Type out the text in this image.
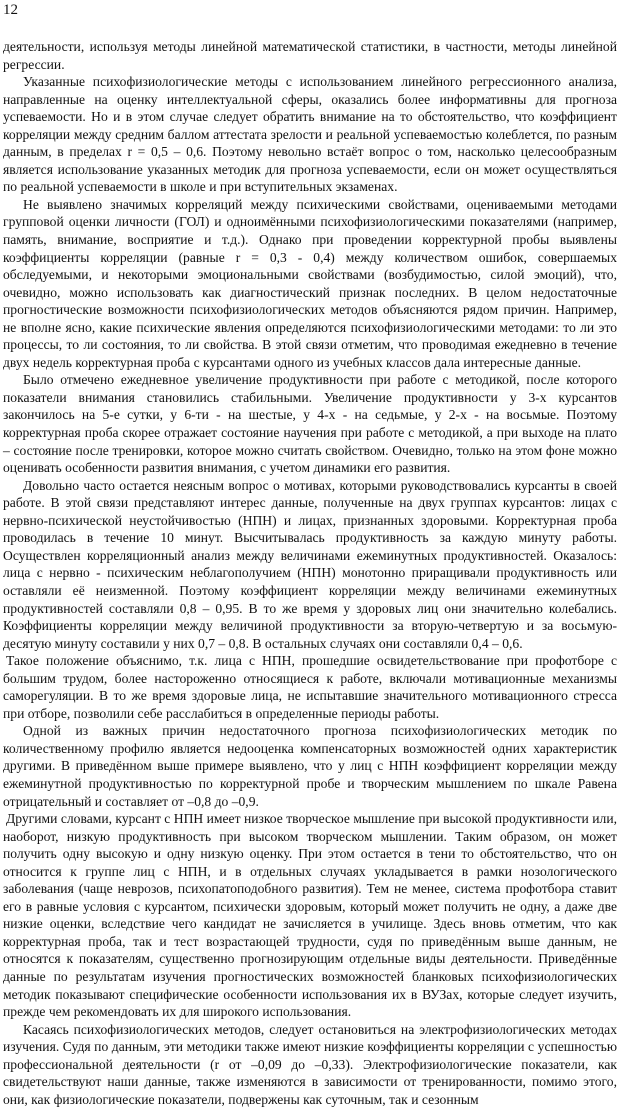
12

деятельности, используя методы линейной математической статистики, в частности, методы линейной регрессии.

Указанные психофизиологические методы с использованием линейного регрессионного анализа, направленные на оценку интеллектуальной сферы, оказались более информативны для прогноза успеваемости. Но и в этом случае следует обратить внимание на то обстоятельство, что коэффициент корреляции между средним баллом аттестата зрелости и реальной успеваемостью колеблется, по разным данным, в пределах r = 0,5 – 0,6. Поэтому невольно встаёт вопрос о том, насколько целесообразным является использование указанных методик для прогноза успеваемости, если он может осуществляться по реальной успеваемости в школе и при вступительных экзаменах.

Не выявлено значимых корреляций между психическими свойствами, оцениваемыми методами групповой оценки личности (ГОЛ) и одноимёнными психофизиологическими показателями (например, память, внимание, восприятие и т.д.). Однако при проведении корректурной пробы выявлены коэффициенты корреляции (равные r = 0,3 - 0,4) между количеством ошибок, совершаемых обследуемыми, и некоторыми эмоциональными свойствами (возбудимостью, силой эмоций), что, очевидно, можно использовать как диагностический признак последних. В целом недостаточные прогностические возможности психофизиологических методов объясняются рядом причин. Например, не вполне ясно, какие психические явления определяются психофизиологическими методами: то ли это процессы, то ли состояния, то ли свойства. В этой связи отметим, что проводимая ежедневно в течение двух недель корректурная проба с курсантами одного из учебных классов дала интересные данные.

Было отмечено ежедневное увеличение продуктивности при работе с методикой, после которого показатели внимания становились стабильными. Увеличение продуктивности у 3-х курсантов закончилось на 5-е сутки, у 6-ти - на шестые, у 4-х - на седьмые, у 2-х - на восьмые. Поэтому корректурная проба скорее отражает состояние научения при работе с методикой, а при выходе на плато – состояние после тренировки, которое можно считать свойством. Очевидно, только на этом фоне можно оценивать особенности развития внимания, с учетом динамики его развития.

Довольно часто остается неясным вопрос о мотивах, которыми руководствовались курсанты в своей работе. В этой связи представляют интерес данные, полученные на двух группах курсантов: лицах с нервно-психической неустойчивостью (НПН) и лицах, признанных здоровыми. Корректурная проба проводилась в течение 10 минут. Высчитывалась продуктивность за каждую минуту работы. Осуществлен корреляционный анализ между величинами ежеминутных продуктивностей. Оказалось: лица с нервно - психическим неблагополучием (НПН) монотонно приращивали продуктивность или оставляли её неизменной. Поэтому коэффициент корреляции между величинами ежеминутных продуктивностей составляли 0,8 – 0,95. В то же время у здоровых лиц они значительно колебались. Коэффициенты корреляции между величиной продуктивности за вторую-четвертую и за восьмую-десятую минуту составили у них 0,7 – 0,8. В остальных случаях они составляли 0,4 – 0,6.

Такое положение объяснимо, т.к. лица с НПН, прошедшие освидетельствование при профотборе с большим трудом, более настороженно относящиеся к работе, включали мотивационные механизмы саморегуляции. В то же время здоровые лица, не испытавшие значительного мотивационного стресса при отборе, позволили себе расслабиться в определенные периоды работы.

Одной из важных причин недостаточного прогноза психофизиологических методик по количественному профилю является недооценка компенсаторных возможностей одних характеристик другими. В приведённом выше примере выявлено, что у лиц с НПН коэффициент корреляции между ежеминутной продуктивностью по корректурной пробе и творческим мышлением по шкале Равена отрицательный и составляет от –0,8 до –0,9.

Другими словами, курсант с НПН имеет низкое творческое мышление при высокой продуктивности или, наоборот, низкую продуктивность при высоком творческом мышлении. Таким образом, он может получить одну высокую и одну низкую оценку. При этом остается в тени то обстоятельство, что он относится к группе лиц с НПН, и в отдельных случаях укладывается в рамки нозологического заболевания (чаще неврозов, психопатоподобного развития). Тем не менее, система профотбора ставит его в равные условия с курсантом, психически здоровым, который может получить не одну, а даже две низкие оценки, вследствие чего кандидат не зачисляется в училище. Здесь вновь отметим, что как корректурная проба, так и тест возрастающей трудности, судя по приведённым выше данным, не относятся к показателям, существенно прогнозирующим отдельные виды деятельности. Приведённые данные по результатам изучения прогностических возможностей бланковых психофизиологических методик показывают специфические особенности использования их в ВУЗах, которые следует изучить, прежде чем рекомендовать их для широкого использования.

Касаясь психофизиологических методов, следует остановиться на электрофизиологических методах изучения. Судя по данным, эти методики также имеют низкие коэффициенты корреляции с успешностью профессиональной деятельности (r от –0,09 до –0,33). Электрофизиологические показатели, как свидетельствуют наши данные, также изменяются в зависимости от тренированности, помимо этого, они, как физиологические показатели, подвержены как суточным, так и сезонным
